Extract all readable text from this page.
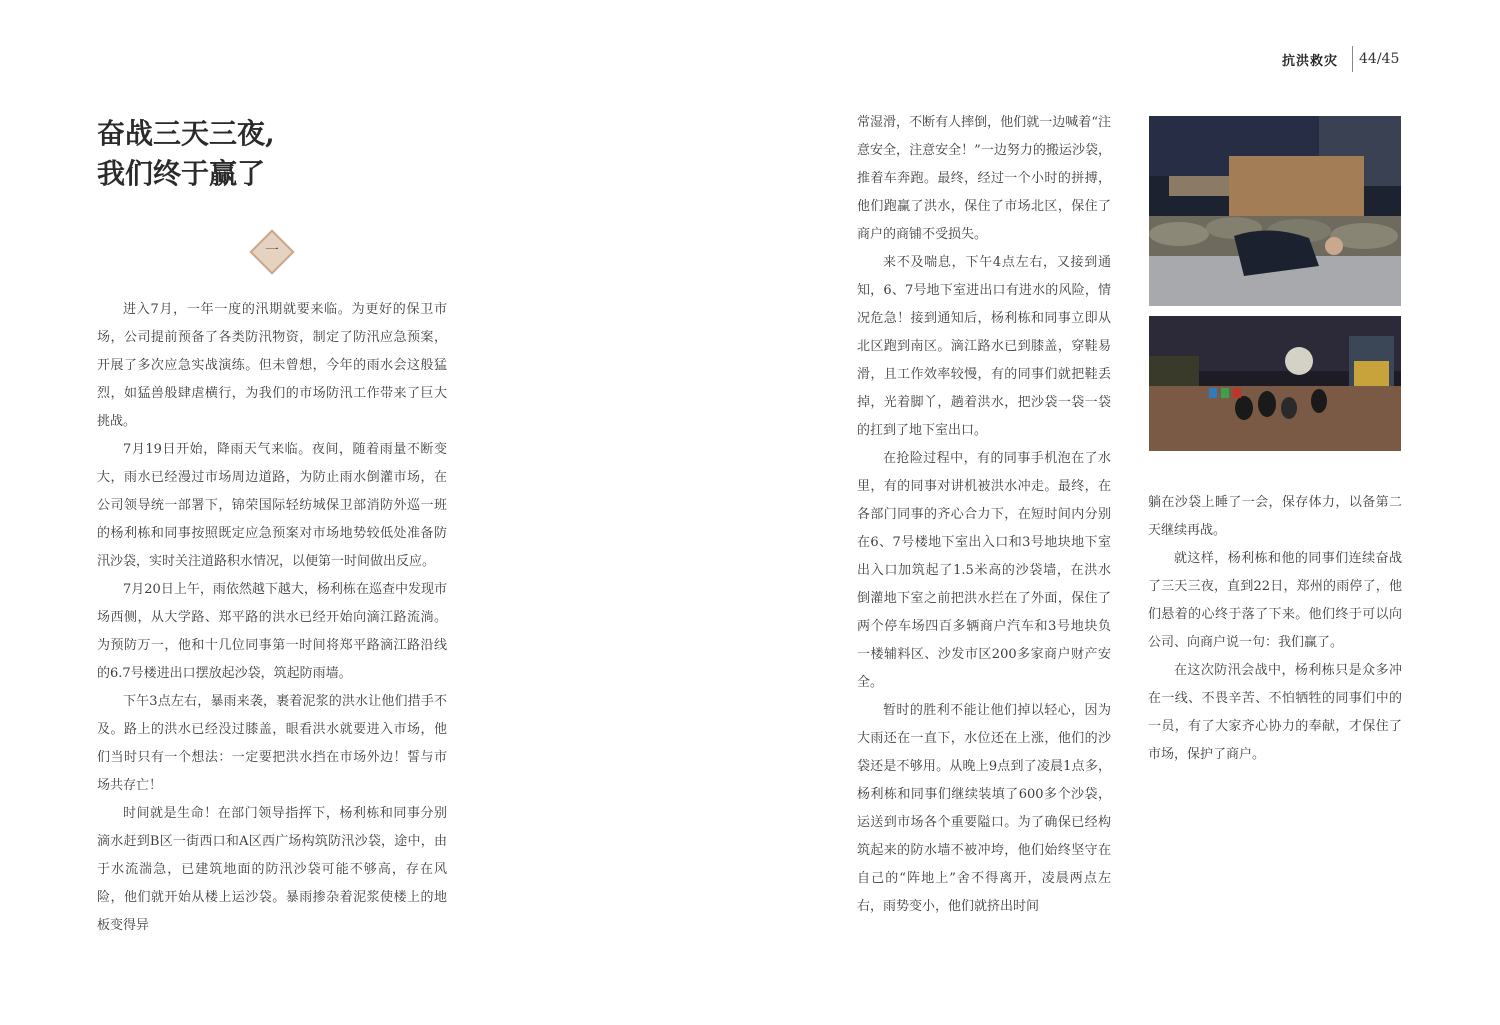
抗洪救灾	44/45
奋战三天三夜,
我们终于赢了
一

进入7月，一年一度的汛期就要来临。为更好的保卫市场，公司提前预备了各类防汛物资，制定了防汛应急预案，开展了多次应急实战演练。但未曾想，今年的雨水会这般猛烈，如猛兽般肆虐横行，为我们的市场防汛工作带来了巨大挑战。

7月19日开始，降雨天气来临。夜间，随着雨量不断变大，雨水已经漫过市场周边道路，为防止雨水倒灌市场，在公司领导统一部署下，锦荣国际轻纺城保卫部消防外巡一班的杨利栋和同事按照既定应急预案对市场地势较低处准备防汛沙袋，实时关注道路积水情况，以便第一时间做出反应。

7月20日上午，雨依然越下越大，杨利栋在巡查中发现市场西侧，从大学路、郑平路的洪水已经开始向滴江路流淌。为预防万一，他和十几位同事第一时间将郑平路滴江路沿线的6.7号楼进出口摆放起沙袋，筑起防雨墙。

下午3点左右，暴雨来袭，裹着泥浆的洪水让他们措手不及。路上的洪水已经没过膝盖，眼看洪水就要进入市场，他们当时只有一个想法：一定要把洪水挡在市场外边！誓与市场共存亡！

时间就是生命！在部门领导指挥下，杨利栋和同事分别滴水赶到B区一街西口和A区西广场构筑防汛沙袋，途中，由于水流湍急，已建筑地面的防汛沙袋可能不够高，存在风险，他们就开始从楼上运沙袋。暴雨掺杂着泥浆使楼上的地板变得异

常湿滑，不断有人摔倒，他们就一边喊着“注意安全，注意安全！”一边努力的搬运沙袋，推着车奔跑。最终，经过一个小时的拼搏，他们跑赢了洪水，保住了市场北区，保住了商户的商铺不受损失。

来不及喘息，下午4点左右，又接到通知，6、7号地下室进出口有进水的风险，情况危急！接到通知后，杨利栋和同事立即从北区跑到南区。滴江路水已到膝盖，穿鞋易滑，且工作效率较慢，有的同事们就把鞋丢掉，光着脚丫，趟着洪水，把沙袋一袋一袋的扛到了地下室出口。

在抢险过程中，有的同事手机泡在了水里，有的同事对讲机被洪水冲走。最终，在各部门同事的齐心合力下，在短时间内分别在6、7号楼地下室出入口和3号地块地下室出入口加筑起了1.5米高的沙袋墙，在洪水倒灌地下室之前把洪水拦在了外面，保住了两个停车场四百多辆商户汽车和3号地块负一楼辅料区、沙发市区200多家商户财产安全。

暂时的胜利不能让他们掉以轻心，因为大雨还在一直下，水位还在上涨，他们的沙袋还是不够用。从晚上9点到了凌晨1点多，杨利栋和同事们继续装填了600多个沙袋，运送到市场各个重要隘口。为了确保已经构筑起来的防水墙不被冲垮，他们始终坚守在自己的“阵地上”舍不得离开，凌晨两点左右，雨势变小，他们就挤出时间

躺在沙袋上睡了一会，保存体力，以备第二天继续再战。

就这样，杨利栋和他的同事们连续奋战了三天三夜，直到22日，郑州的雨停了，他们悬着的心终于落了下来。他们终于可以向公司、向商户说一句：我们赢了。

在这次防汛会战中，杨利栋只是众多冲在一线、不畏辛苦、不怕牺牲的同事们中的一员，有了大家齐心协力的奉献，才保住了市场，保护了商户。
